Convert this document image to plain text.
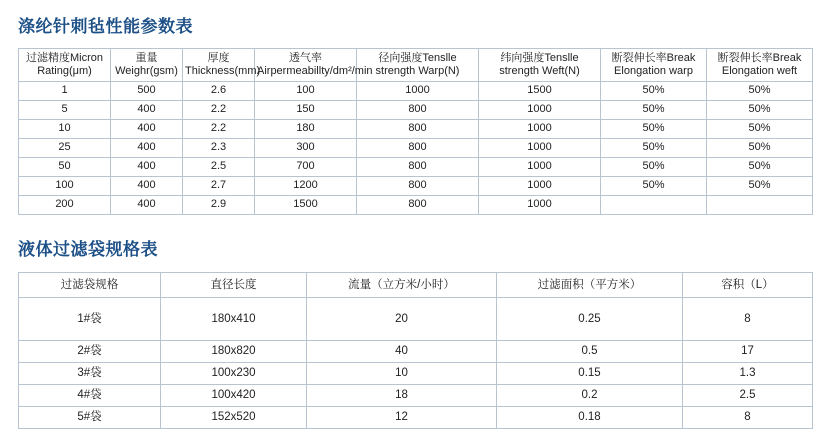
涤纶针刺毡性能参数表
过滤精度Micron Rating(μm)	重量Weighr(gsm)	厚度Thickness(mm)	透气率Airpermeabillty/dm²/min	径向强度Tenslle strength Warp(N)	纬向强度Tenslle strength Weft(N)	断裂伸长率Break Elongation warp	断裂伸长率Break Elongation weft
1	500	2.6	100	1000	1500	50%	50%
5	400	2.2	150	800	1000	50%	50%
10	400	2.2	180	800	1000	50%	50%
25	400	2.3	300	800	1000	50%	50%
50	400	2.5	700	800	1000	50%	50%
100	400	2.7	1200	800	1000	50%	50%
200	400	2.9	1500	800	1000		
液体过滤袋规格表
过滤袋规格	直径长度	流量（立方米/小时）	过滤面积（平方米）	容积（L）
1#袋	180x410	20	0.25	8
2#袋	180x820	40	0.5	17
3#袋	100x230	10	0.15	1.3
4#袋	100x420	18	0.2	2.5
5#袋	152x520	12	0.18	8
